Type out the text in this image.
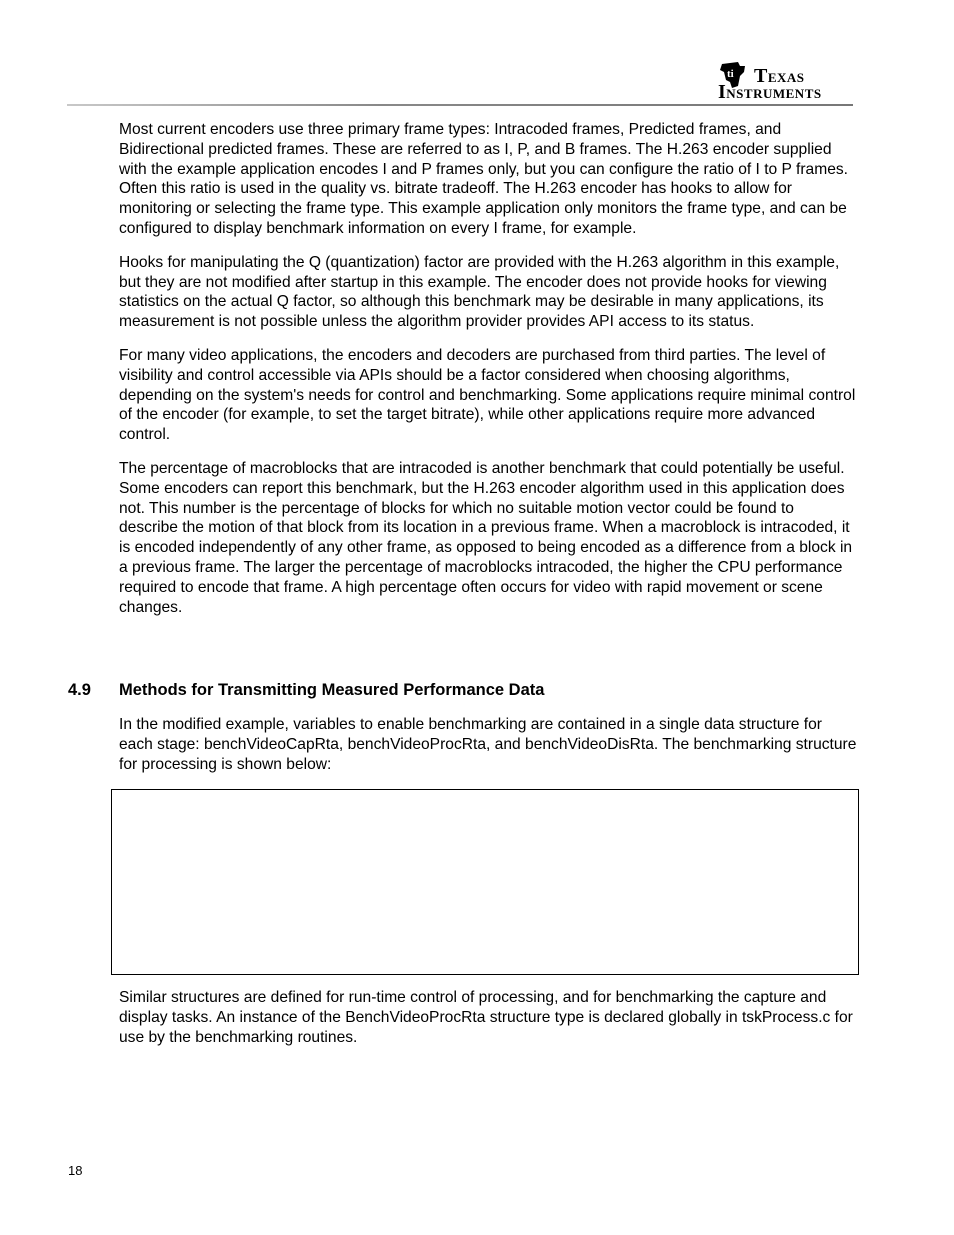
ti TEXAS
INSTRUMENTS

Most current encoders use three primary frame types: Intracoded frames, Predicted frames, and Bidirectional predicted frames. These are referred to as I, P, and B frames. The H.263 encoder supplied with the example application encodes I and P frames only, but you can configure the ratio of I to P frames. Often this ratio is used in the quality vs. bitrate tradeoff. The H.263 encoder has hooks to allow for monitoring or selecting the frame type. This example application only monitors the frame type, and can be configured to display benchmark information on every I frame, for example.

Hooks for manipulating the Q (quantization) factor are provided with the H.263 algorithm in this example, but they are not modified after startup in this example. The encoder does not provide hooks for viewing statistics on the actual Q factor, so although this benchmark may be desirable in many applications, its measurement is not possible unless the algorithm provider provides API access to its status.

For many video applications, the encoders and decoders are purchased from third parties. The level of visibility and control accessible via APIs should be a factor considered when choosing algorithms, depending on the system's needs for control and benchmarking. Some applications require minimal control of the encoder (for example, to set the target bitrate), while other applications require more advanced control.

The percentage of macroblocks that are intracoded is another benchmark that could potentially be useful. Some encoders can report this benchmark, but the H.263 encoder algorithm used in this application does not. This number is the percentage of blocks for which no suitable motion vector could be found to describe the motion of that block from its location in a previous frame. When a macroblock is intracoded, it is encoded independently of any other frame, as opposed to being encoded as a difference from a block in a previous frame. The larger the percentage of macroblocks intracoded, the higher the CPU performance required to encode that frame. A high percentage often occurs for video with rapid movement or scene changes.

4.9 Methods for Transmitting Measured Performance Data

In the modified example, variables to enable benchmarking are contained in a single data structure for each stage: benchVideoCapRta, benchVideoProcRta, and benchVideoDisRta. The benchmarking structure for processing is shown below:

Similar structures are defined for run-time control of processing, and for benchmarking the capture and display tasks. An instance of the BenchVideoProcRta structure type is declared globally in tskProcess.c for use by the benchmarking routines.

18
